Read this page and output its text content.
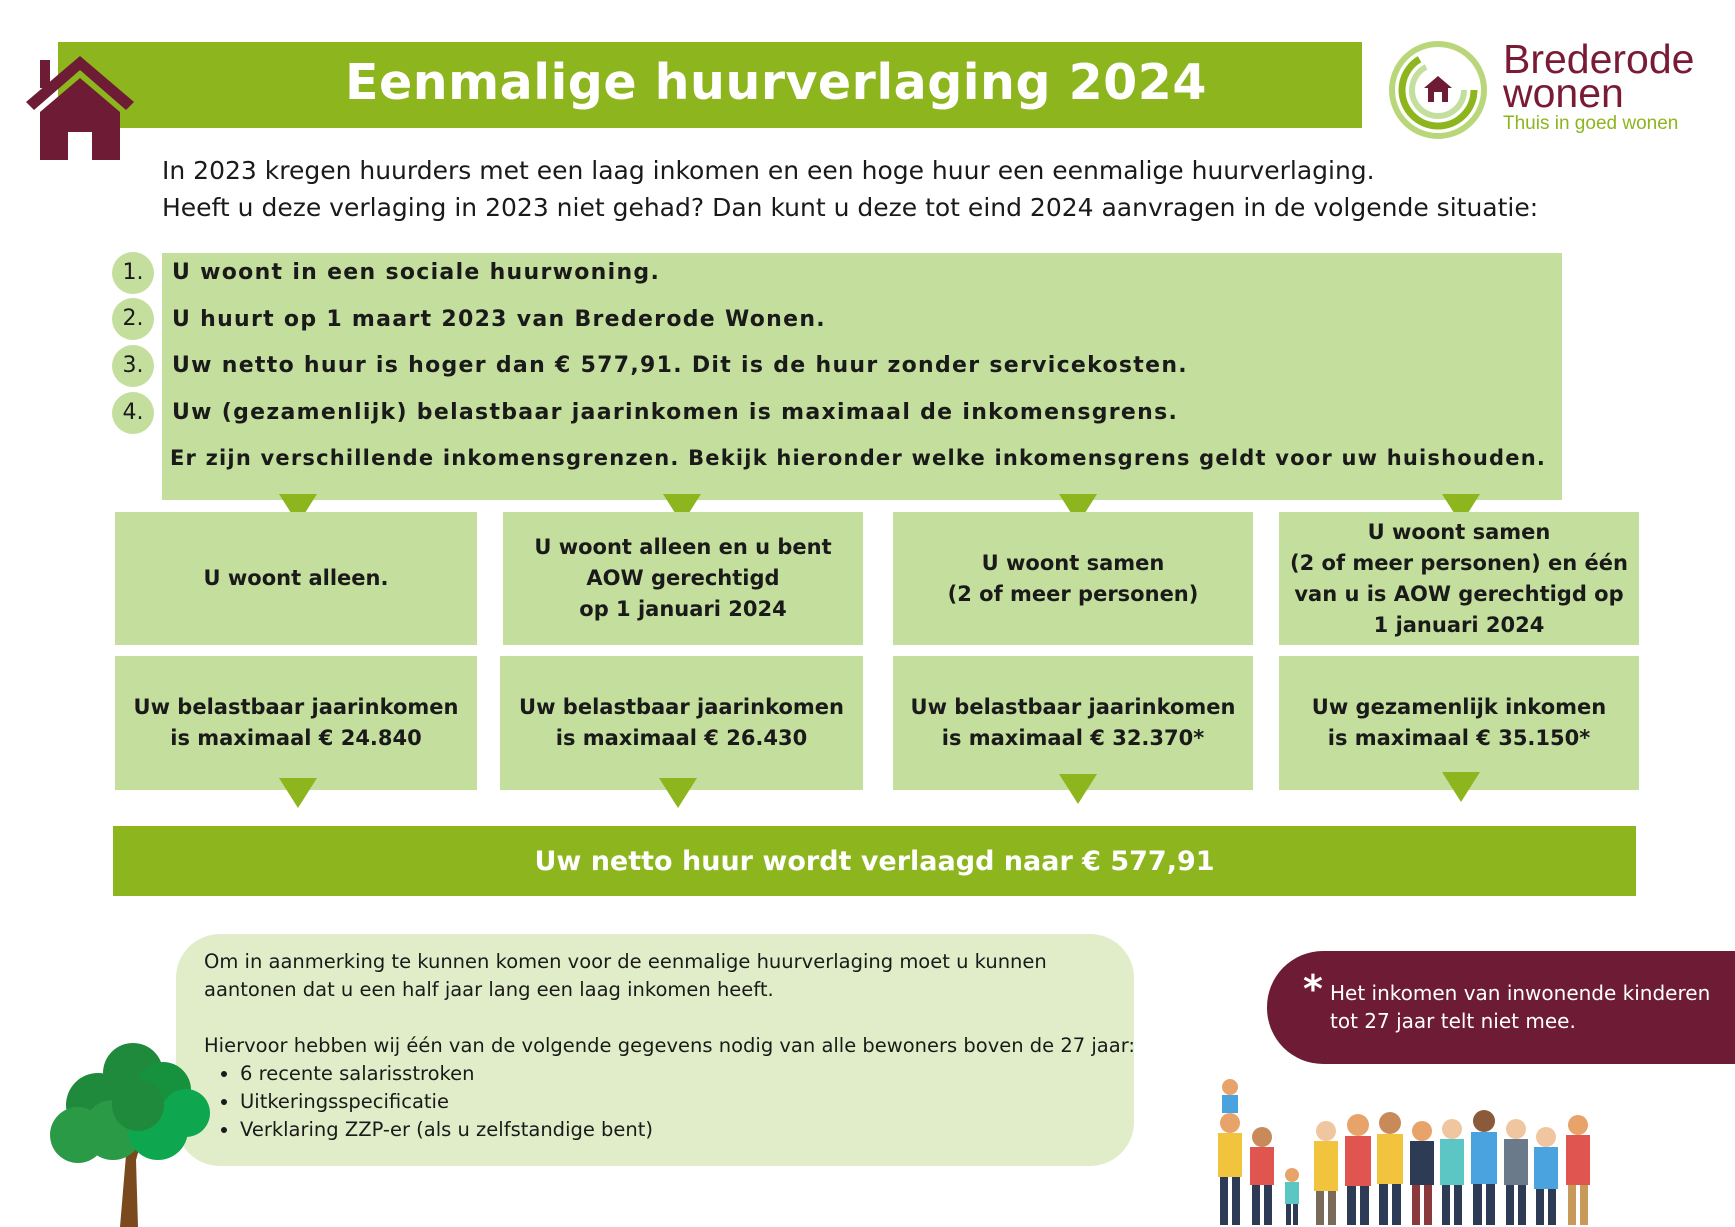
Eenmalige huurverlaging 2024	Brederode
wonen
Thuis in goed wonen
In 2023 kregen huurders met een laag inkomen en een hoge huur een eenmalige huurverlaging.
Heeft u deze verlaging in 2023 niet gehad? Dan kunt u deze tot eind 2024 aanvragen in de volgende situatie:
1.	U woont in een sociale huurwoning.
2.	U huurt op 1 maart 2023 van Brederode Wonen.
3.	Uw netto huur is hoger dan € 577,91. Dit is de huur zonder servicekosten.
4.	Uw (gezamenlijk) belastbaar jaarinkomen is maximaal de inkomensgrens.
Er zijn verschillende inkomensgrenzen. Bekijk hieronder welke inkomensgrens geldt voor uw huishouden.
U woont alleen.
U woont alleen en u bent
AOW gerechtigd
op 1 januari 2024
U woont samen
(2 of meer personen)
U woont samen
(2 of meer personen) en één
van u is AOW gerechtigd op
1 januari 2024
Uw belastbaar jaarinkomen
is maximaal € 24.840
Uw belastbaar jaarinkomen
is maximaal € 26.430
Uw belastbaar jaarinkomen
is maximaal € 32.370*
Uw gezamenlijk inkomen
is maximaal € 35.150*
Uw netto huur wordt verlaagd naar € 577,91

Om in aanmerking te kunnen komen voor de eenmalige huurverlaging moet u kunnen

aantonen dat u een half jaar lang een laag inkomen heeft.

Hiervoor hebben wij één van de volgende gegevens nodig van alle bewoners boven de 27 jaar:

• 6 recente salarisstroken
• Uitkeringsspecificatie
• Verklaring ZZP-er (als u zelfstandige bent)
* Het inkomen van inwonende kinderen
tot 27 jaar telt niet mee.
